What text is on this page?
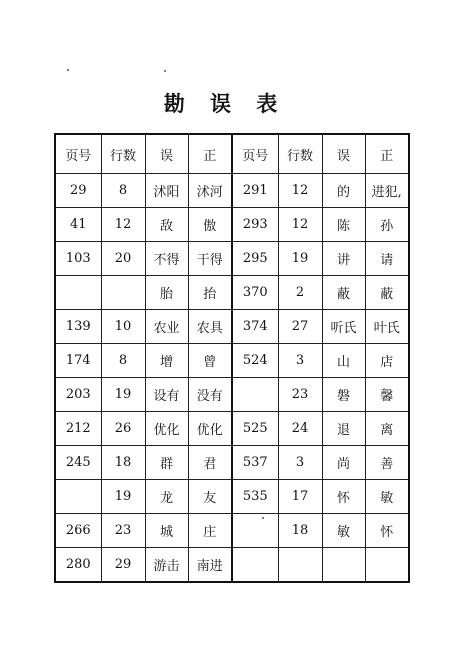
勘 误 表
页号	行数	误	正	页号	行数	误	正
29	8	沭阳	沭河	291	12	的	进犯,
41	12	敌	傲	293	12	陈	孙
103	20	不得	干得	295	19	讲	请
		胎	抬	370	2	蔽	蔽
139	10	农业	农具	374	27	听氏	叶氏
174	8	增	曾	524	3	山	店
203	19	设有	没有		23	磐	馨
212	26	优化	优化	525	24	退	离
245	18	群	君	537	3	尚	善
	19	龙	友	535	17	怀	敏
266	23	城	庄		18	敏	怀
280	29	游击	南进				
